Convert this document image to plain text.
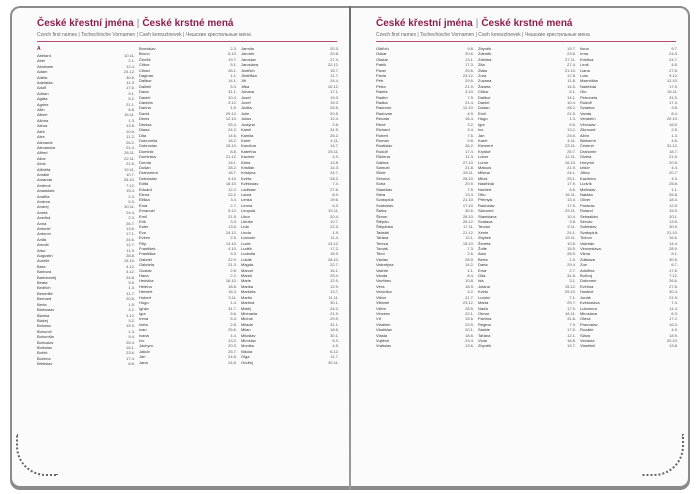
České křestní jména | České krstné mená
Czech first names | Tschechische Vornamen | Cseh keresztnevek | Чешские крестильные мена
A
Abelard	10.11.
Abel	2.1.
Abraham	12.4.
Adam	24.12.
Adéla	30.6.
Adelaida	11.3.
Adolf	17.6.
Adrian	9.1.
Agáta	5.2.
Agnes	21.1.
Ailin	8.8.
Albert	15.11.
Albína	1.3.
Alena	13.8.
Aleš	10.6.
Alex	11.2.
Alexandr	26.2.
Alexandra	21.4.
Alfred	28.11.
Alice	22.11.
Alois	21.6.
Alžběta	19.11.
Amálie	10.7.
Amanda	26.10.
Ambrož	7.12.
Anastázie	15.4.
Anděla	2.3.
Andrea	5.3.
Andrej	30.11.
Aneta	24.4.
Anežka	2.3.
Anna	26.7.
Antonie	13.6.
Antonín	17.1.
Anita	24.6.
Arnošt	12.7.
Artur	11.9.
Augustin	28.8.
Aurelie	15.10.
Bára	4.12.
Barbora	4.12.
Bartoloměj	24.8.
Beata	9.5.
Bedřich	1.3.
Benedikt	11.7.
Bernard	20.8.
Berta	1.5.
Blahoslav	3.2.
Blanka	1.12.
Blažej	3.2.
Bohdan	19.3.
Bohumil	1.3.
Bohumila	9.4.
Bohuslav	25.4.
Boleslav	16.1.
Bořek	23.6.
Božena	17.4.
Břetislav	8.8.
Bronislav	2.3.
Bruno	6.10.
Čeněk	19.7.
Ctibor	5.1.
Ctirad	28.1.
Dagmar	1.1.
Dalibor	14.1.
Dalimil	5.3.
Dana	31.1.
Daniel	10.4.
Daniela	9.12.
Darina	1.5.
David	29.12.
Denis	12.10.
Denisa	25.4.
Diana	24.2.
Dita	14.6.
Dobromila	16.2.
Dobroslav	15.10.
Dominik	8.8.
Dominika	21.12.
Dorota	18.1.
Dušan	28.2.
Drahomíra	18.7.
Drahoslav	5.10.
Edita	18.10.
Eduard	12.2.
Elena	22.2.
Eliška	3.4.
Ema	2.7.
Emanuel	5.12.
Emil	21.5.
Erik	3.3.
Ester	13.5.
Eva	24.12.
Evžen	2.5.
Filip	14.10.
František	4.10.
Františka	9.3.
Gabriel	22.9.
Gabriela	21.3.
Gustav	2.8.
Hana	2.2.
Hedvika	16.10.
Helena	18.8.
Herbert	16.3.
Hubert	3.11.
Hugo	1.4.
Ignác	31.7.
Igor	5.6.
Irena	5.4.
Iveta	2.8.
Ivan	25.6.
Ivana	4.4.
Ivo	13.2.
Jáchym	20.3.
Jakub	25.7.
Jan	24.6.
Jana	24.5.
Jarmila	20.3.
Jaromír	20.8.
Jaroslav	27.4.
Jaroslava	22.12.
Jindřich	15.7.
Jindřiška	11.7.
Jiří	24.4.
Jitka	10.12.
Johana	17.1.
Josef	19.3.
Jozef	19.3.
Judita	25.6.
Julie	20.5.
Julius	12.4.
Justýna	2.8.
Kamil	31.5.
Kamila	26.2.
Karel	4.11.
Karolína	14.7.
Kateřina	25.11.
Kazimír	4.3.
Klára	12.8.
Kristián	14.3.
Kristýna	24.7.
Květa	28.2.
Květoslav	7.4.
Ladislav	27.6.
Laura	8.9.
Lenka	19.6.
Leona	6.3.
Leopold	15.11.
Libor	20.4.
Libuše	10.7.
Lída	22.3.
Linda	1.9.
Lubomír	11.4.
Lucie	13.12.
Luděk	17.2.
Ludmila	16.9.
Lukáš	18.10.
Magda	22.7.
Marcel	16.1.
Marek	25.4.
Marie	12.9.
Marika	12.9.
Markéta	13.7.
Martin	11.11.
Martina	30.1.
Matěj	24.2.
Michaela	21.9.
Michal	29.9.
Milada	31.1.
Milan	18.6.
Miloslav	30.1.
Miroslav	6.3.
Monika	4.5.
Nikola	6.12.
Olga	11.7.
Ondřej	30.11.
České křestní jména | České krstné mená
Czech first names | Tschechische Vornamen | Cseh keresztnevek | Чешские крестильные мена
Oldřich	9.8.
Oskar	20.6.
Otakar	13.1.
Patrik	17.3.
Pavel	29.6.
Pavla	23.12.
Petr	29.6.
Petra	21.9.
Radek	3.10.
Radim	7.9.
Radka	21.4.
Radomír	12.10.
Radovan	4.9.
Renata	16.4.
René	3.2.
Richard	3.4.
Robert	7.6.
Roman	9.8.
Rostislav	26.2.
Rudolf	17.4.
Růžena	11.3.
Sabina	27.10.
Samuel	21.8.
Silvie	28.11.
Simona	28.10.
Soňa	20.9.
Stanislav	7.5.
Stela	13.3.
Svatopluk	21.10.
Svatoslav	17.10.
Šárka	30.6.
Šimon	28.10.
Štěpán	26.12.
Štěpánka	17.11.
Tadeáš	21.12.
Taťána	12.1.
Tereza	15.10.
Tomáš	7.3.
Tibor	2.6.
Václav	28.9.
Valentýna	14.2.
Valérie	4.1.
Vanda	8.4.
Vavřinec	10.8.
Věra	18.9.
Veronika	4.2.
Viktor	21.7.
Viktorie	23.12.
Vilém	28.5.
Vincenc	22.1.
Vít	15.6.
Vladimír	23.5.
Vladislav	20.1.
Vlasta	18.6.
Vojtěch	23.4.
Vratislav	13.6.
Zbyněk	19.7.
Zdeněk	23.6.
Zdenka	27.11.
Zita	27.4.
Zlata	21.10.
Zora	17.8.
Zuzana	11.8.
Žaneta	14.5.
Ctibor	5.1.
Dalibor	14.1.
Daniel	10.4.
Dušan	28.2.
Emil	21.5.
Hugo	1.4.
Igor	5.6.
Ivo	13.2.
Jan	24.6.
Karel	4.11.
Klement	23.11.
Kryštof	25.7.
Lubor	12.11.
Lumír	16.10.
Matouš	21.9.
Milena	24.1.
Miloš	25.1.
Naděžda	17.9.
Norbert	6.6.
Otto	16.11.
Přemysl	13.4.
Radoslav	17.9.
Slavomír	29.11.
Stanislava	10.4.
Svatava	3.8.
Teodor	9.11.
Xenie	24.1.
Zbyšek	15.11.
Ženeta	10.5.
Žofie	15.5.
Alan	28.9.
Berta	1.5.
Daria	29.4.
Ema	2.7.
Gita	31.8.
Ida	3.1.
Jolana	15.12.
Kvido	29.10.
Lucian	7.1.
Marta	29.7.
Naďa	17.9.
Otmar	16.11.
Pavlína	31.8.
Regina	7.9.
Saskie	17.5.
Taťána	12.1.
Viola	16.8.
Zbyněk	19.7.
Ilona	9.7.
Irma	24.5.
Kristina	24.7.
Leoš	4.5.
Liana	27.6.
Lota	9.12.
Maxmilián	12.10.
Naděžda	17.9.
Oto	16.11.
Petronela	31.5.
Rudolf	17.4.
Svatava	3.8.
Vanda	8.4.
Vendelín	20.10.
Věroslav	16.9.
Zikmund	2.5.
Albín	1.3.
Blahomír	4.6.
Čestmír	31.12.
Drahomír	18.7.
Gizela	21.5.
Horymír	20.5.
Izidor	4.4.
Jiřina	20.7.
Kazimíra	4.3.
Ludvík	25.8.
Mečislav	1.1.
Nataša	26.8.
Oliver	18.4.
Pankrác	12.5.
Roland	15.9.
Sebastián	20.1.
Servác	13.5.
Soběslav	30.9.
Svatopluk	21.10.
Tichon	16.6.
Valerián	14.4.
Věnceslava	28.9.
Vilma	8.1.
Zdislava	30.5.
Zoe	6.7.
Adolfina	17.6.
Bořivoj	7.12.
Dobromír	26.6.
Evelína	27.6.
Hostivít	30.4.
Jonáš	21.9.
Kvetoslava	7.4.
Lubomíra	11.4.
Miroslava	6.3.
Olexa	17.2.
Pravoslav	16.3.
Rozálie	4.9.
Sláva	18.9.
Vendula	20.10.
Vlastimil	13.8.
